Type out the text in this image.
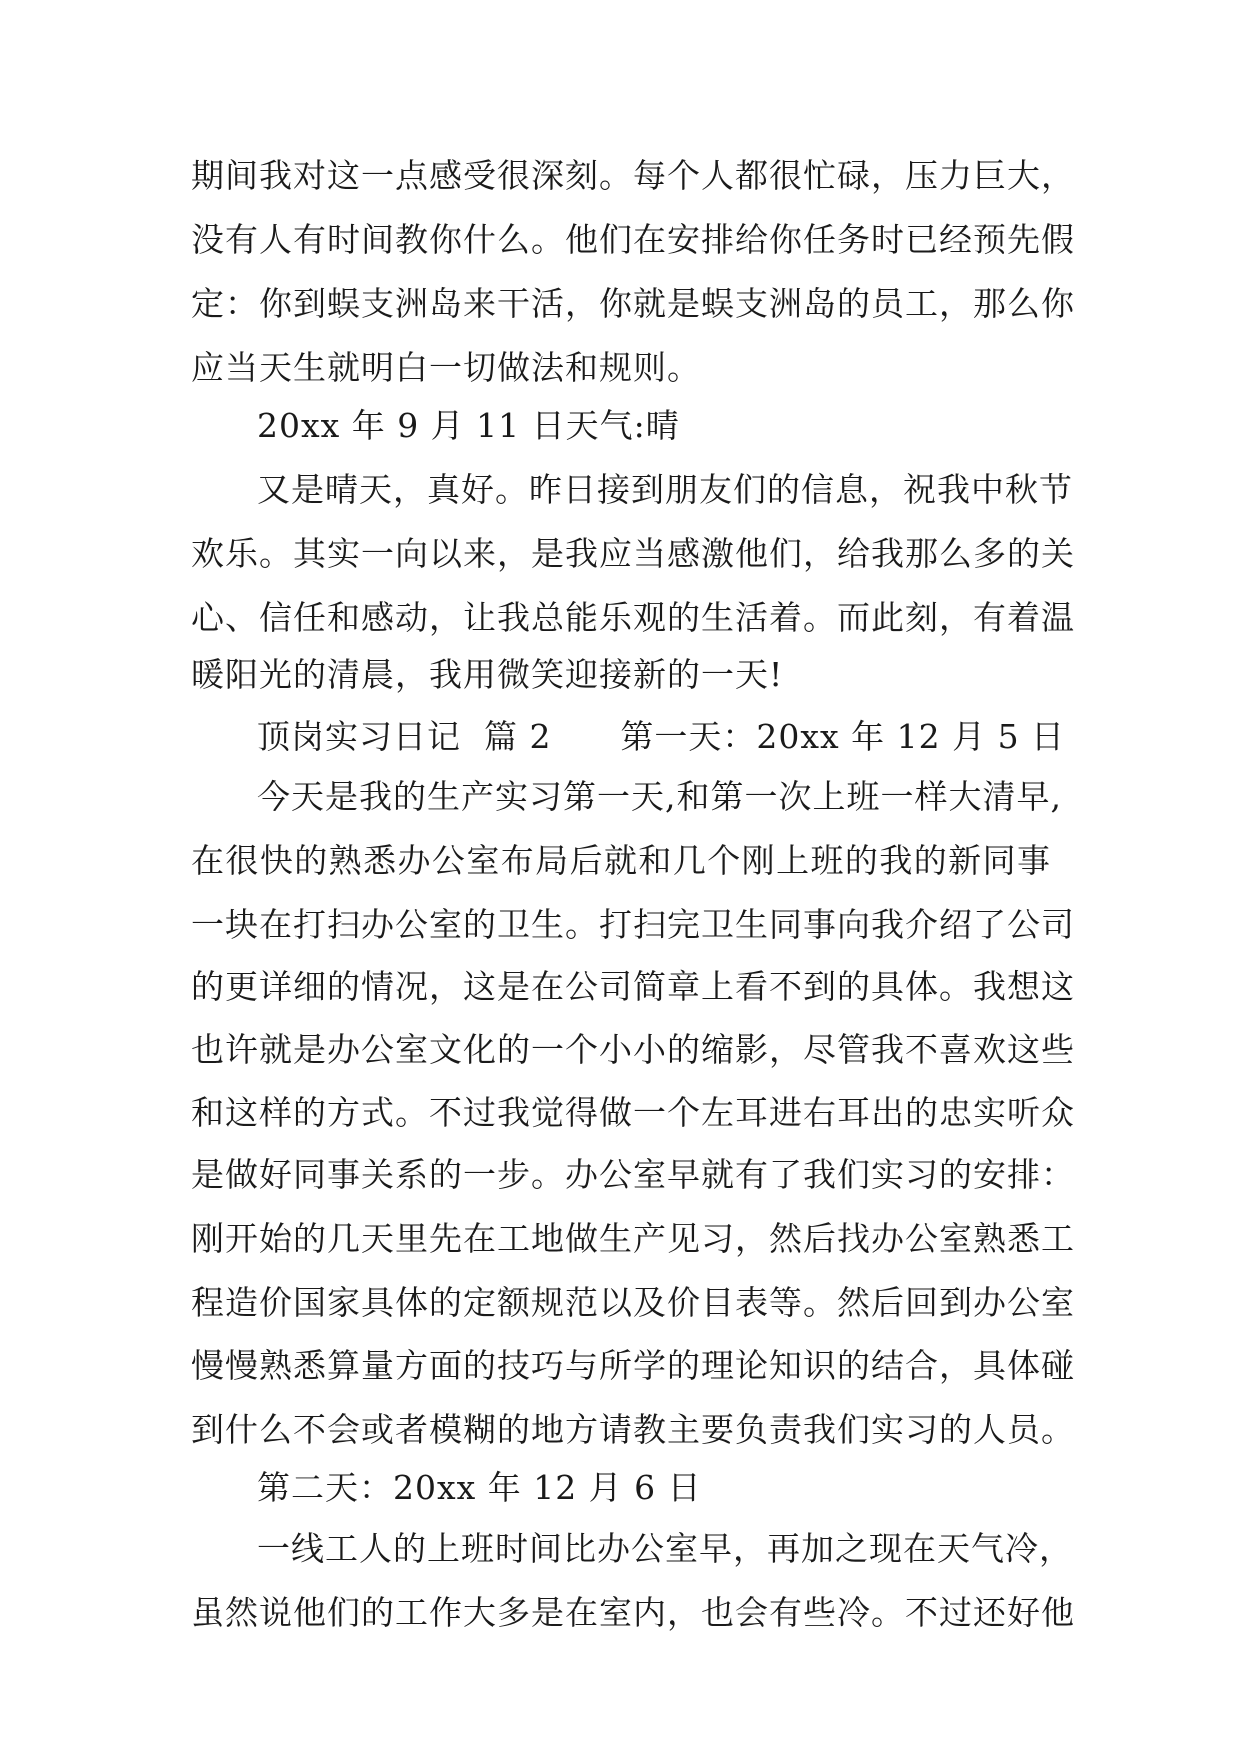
期间我对这一点感受很深刻。每个人都很忙碌，压力巨大，
没有人有时间教你什么。他们在安排给你任务时已经预先假
定：你到蜈支洲岛来干活，你就是蜈支洲岛的员工，那么你
应当天生就明白一切做法和规则。
20xx 年 9 月 11 日天气:晴
又是晴天，真好。昨日接到朋友们的信息，祝我中秋节
欢乐。其实一向以来，是我应当感激他们，给我那么多的关
心、信任和感动，让我总能乐观的生活着。而此刻，有着温
暖阳光的清晨，我用微笑迎接新的一天!
顶岗实习日记  篇 2      第一天：20xx 年 12 月 5 日
今天是我的生产实习第一天,和第一次上班一样大清早,
在很快的熟悉办公室布局后就和几个刚上班的我的新同事
一块在打扫办公室的卫生。打扫完卫生同事向我介绍了公司
的更详细的情况，这是在公司简章上看不到的具体。我想这
也许就是办公室文化的一个小小的缩影，尽管我不喜欢这些
和这样的方式。不过我觉得做一个左耳进右耳出的忠实听众
是做好同事关系的一步。办公室早就有了我们实习的安排：
刚开始的几天里先在工地做生产见习，然后找办公室熟悉工
程造价国家具体的定额规范以及价目表等。然后回到办公室
慢慢熟悉算量方面的技巧与所学的理论知识的结合，具体碰
到什么不会或者模糊的地方请教主要负责我们实习的人员。
第二天：20xx 年 12 月 6 日
一线工人的上班时间比办公室早，再加之现在天气冷，
虽然说他们的工作大多是在室内，也会有些冷。不过还好他
